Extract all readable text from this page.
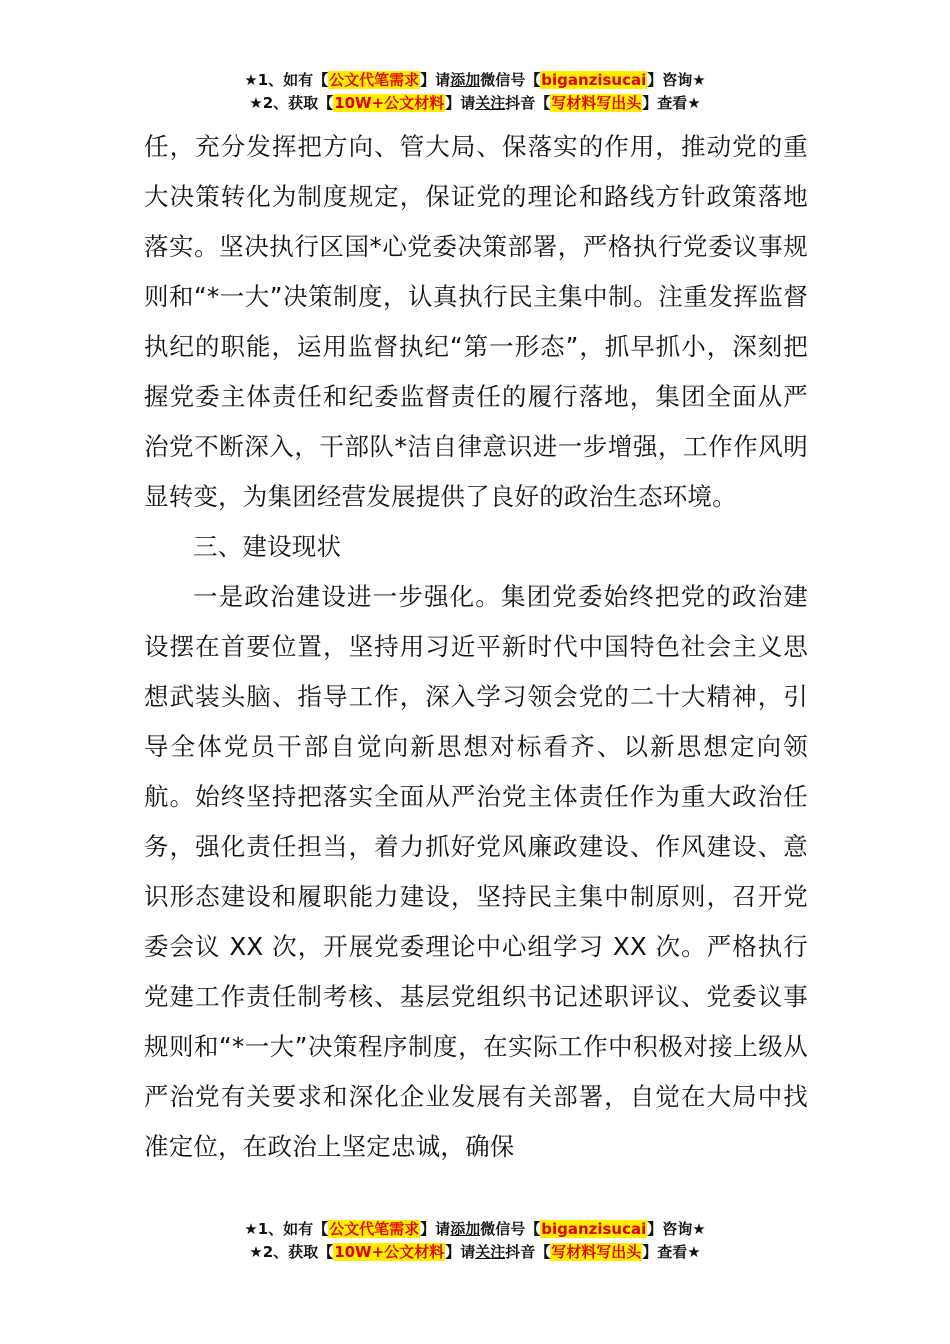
★1、如有【公文代笔需求】请添加微信号【biganzisucai】咨询★
★2、获取【10W+公文材料】请关注抖音【写材料写出头】查看★

任，充分发挥把方向、管大局、保落实的作用，推动党的重大决策转化为制度规定，保证党的理论和路线方针政策落地落实。坚决执行区国*心党委决策部署，严格执行党委议事规则和“*一大”决策制度，认真执行民主集中制。注重发挥监督执纪的职能，运用监督执纪“第一形态”，抓早抓小，深刻把握党委主体责任和纪委监督责任的履行落地，集团全面从严治党不断深入，干部队*洁自律意识进一步增强，工作作风明显转变，为集团经营发展提供了良好的政治生态环境。

三、建设现状

一是政治建设进一步强化。集团党委始终把党的政治建设摆在首要位置，坚持用习近平新时代中国特色社会主义思想武装头脑、指导工作，深入学习领会党的二十大精神，引导全体党员干部自觉向新思想对标看齐、以新思想定向领航。始终坚持把落实全面从严治党主体责任作为重大政治任务，强化责任担当，着力抓好党风廉政建设、作风建设、意识形态建设和履职能力建设，坚持民主集中制原则，召开党委会议 XX 次，开展党委理论中心组学习 XX 次。严格执行党建工作责任制考核、基层党组织书记述职评议、党委议事规则和“*一大”决策程序制度，在实际工作中积极对接上级从严治党有关要求和深化企业发展有关部署，自觉在大局中找准定位，在政治上坚定忠诚，确保

★1、如有【公文代笔需求】请添加微信号【biganzisucai】咨询★
★2、获取【10W+公文材料】请关注抖音【写材料写出头】查看★
